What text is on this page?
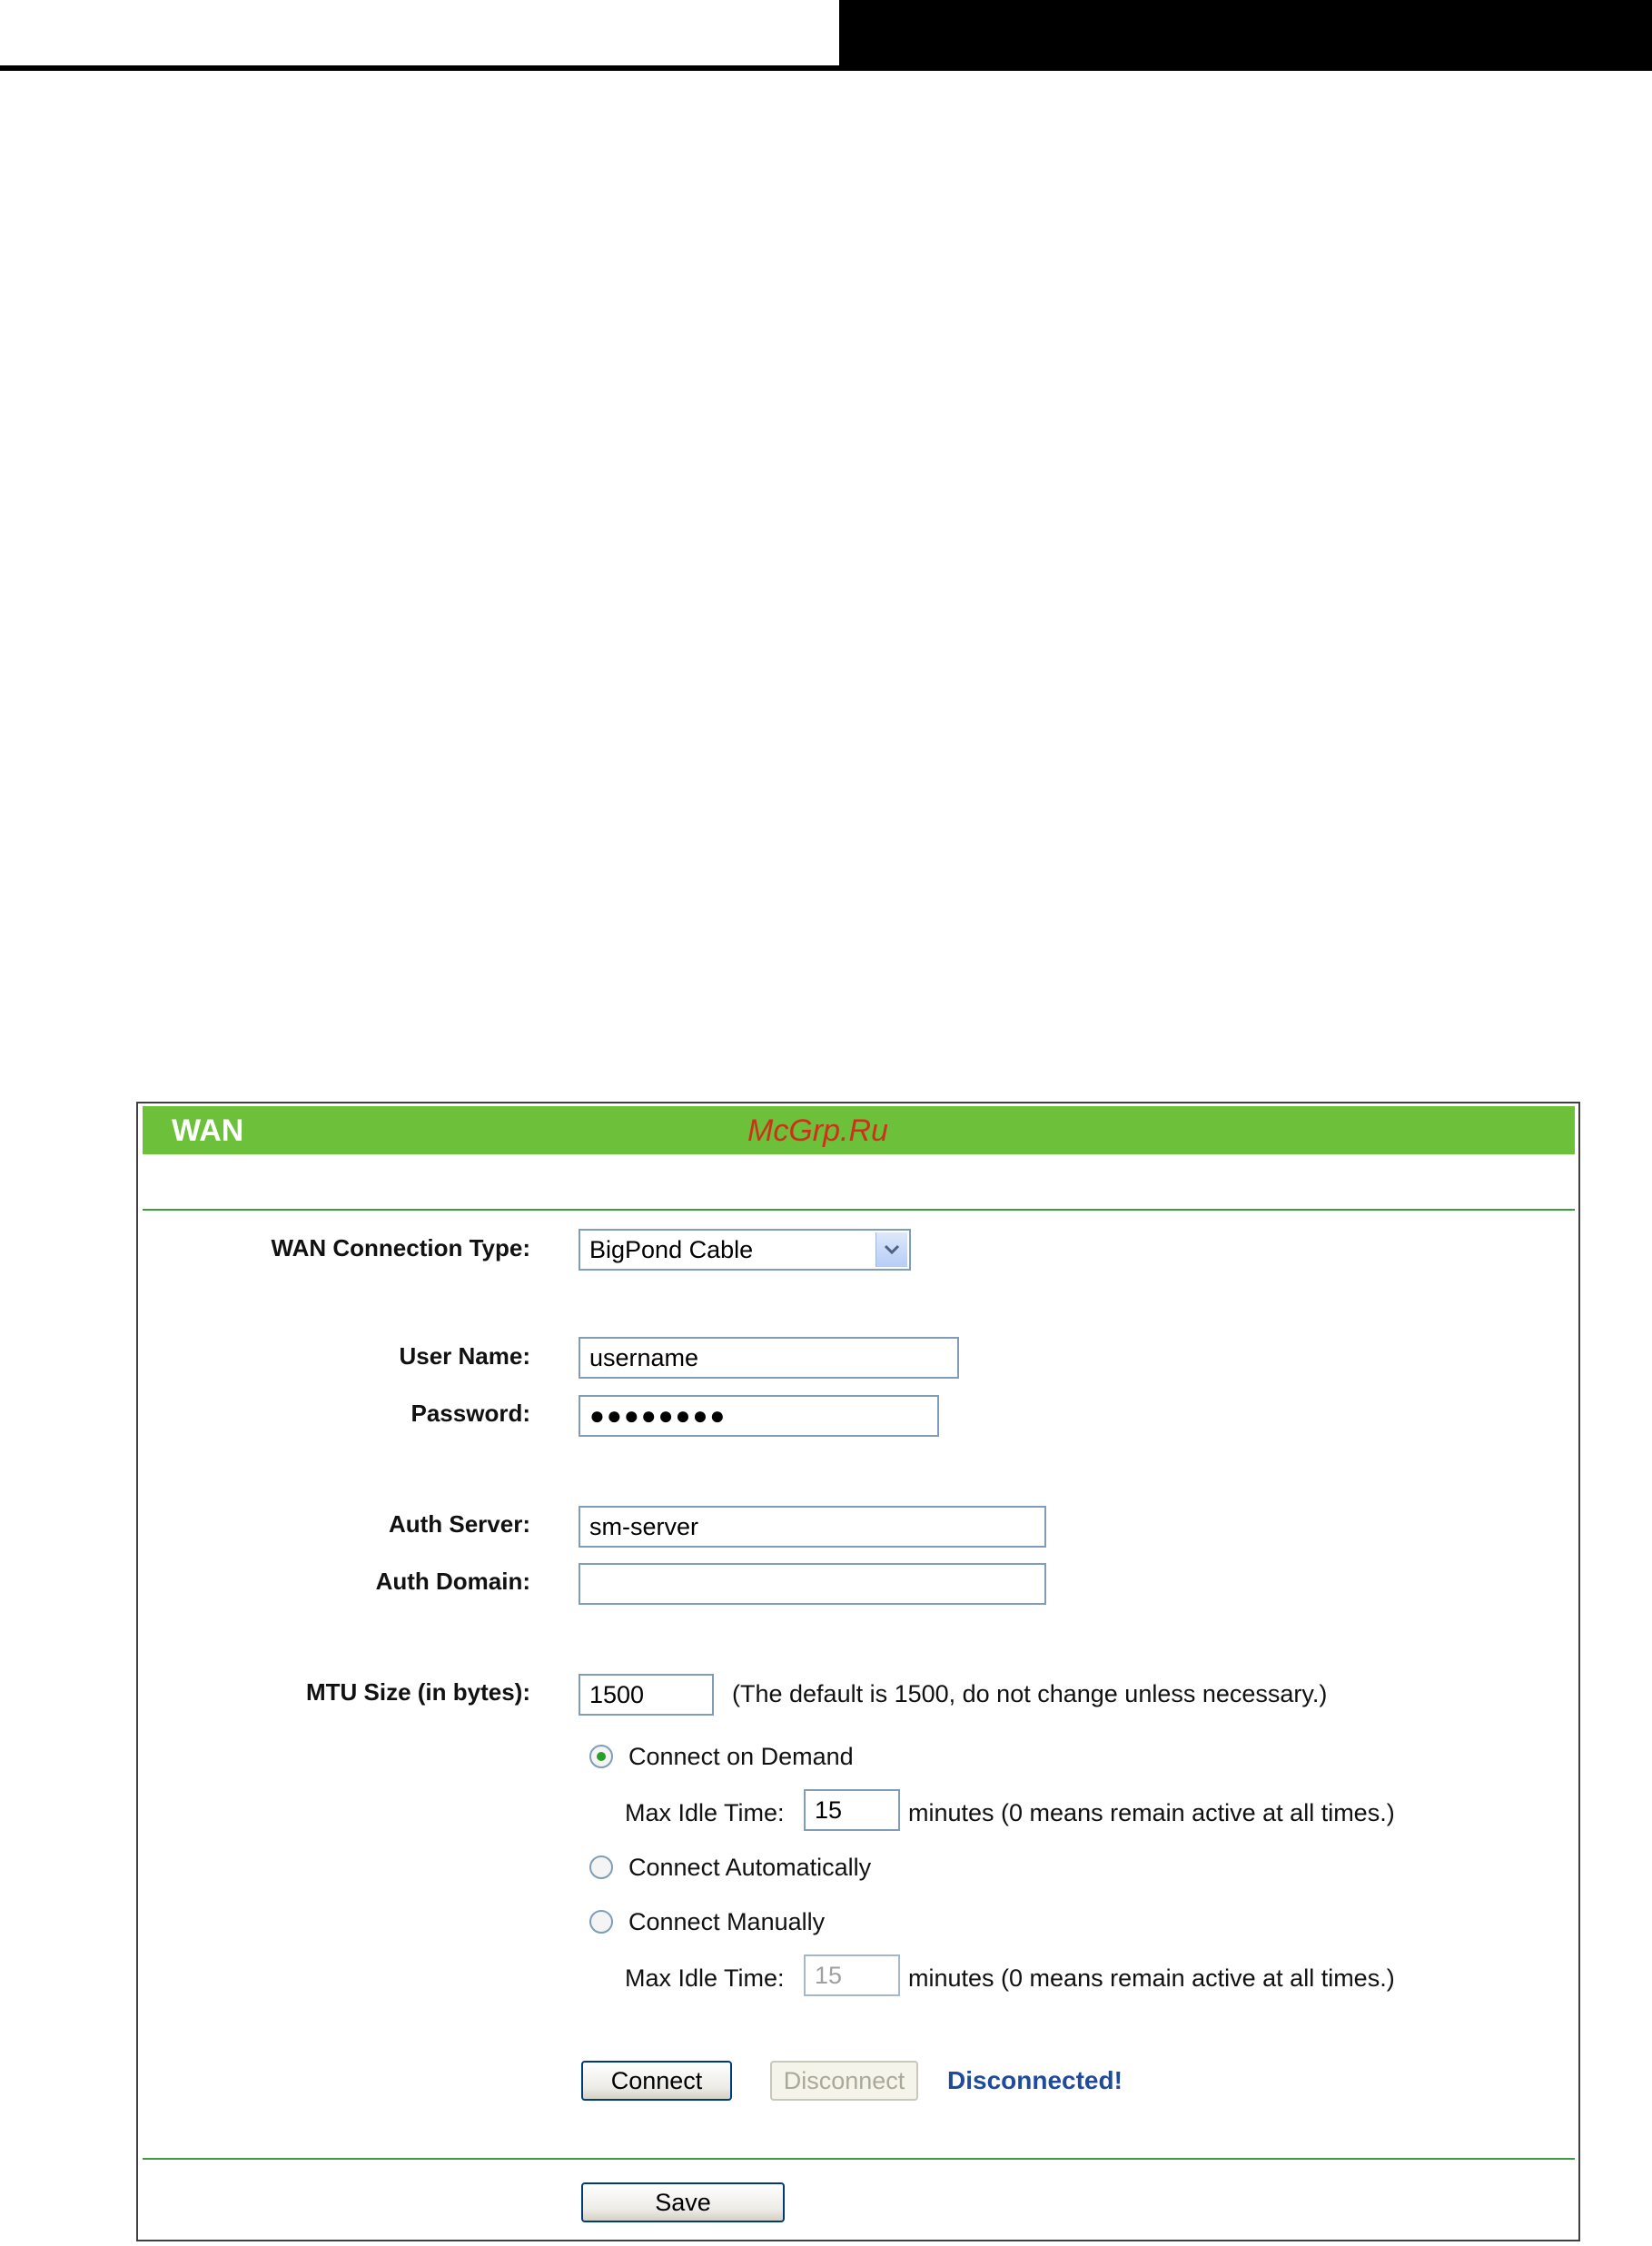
WAN	McGrp.Ru
WAN Connection Type:	BigPond Cable
User Name:	username
Password:	●●●●●●●●
Auth Server:	sm-server
Auth Domain:
MTU Size (in bytes):	1500	(The default is 1500, do not change unless necessary.)
Connect on Demand
Max Idle Time:	15	minutes (0 means remain active at all times.)
Connect Automatically
Connect Manually
Max Idle Time:	15	minutes (0 means remain active at all times.)
Connect	Disconnect	Disconnected!
Save
